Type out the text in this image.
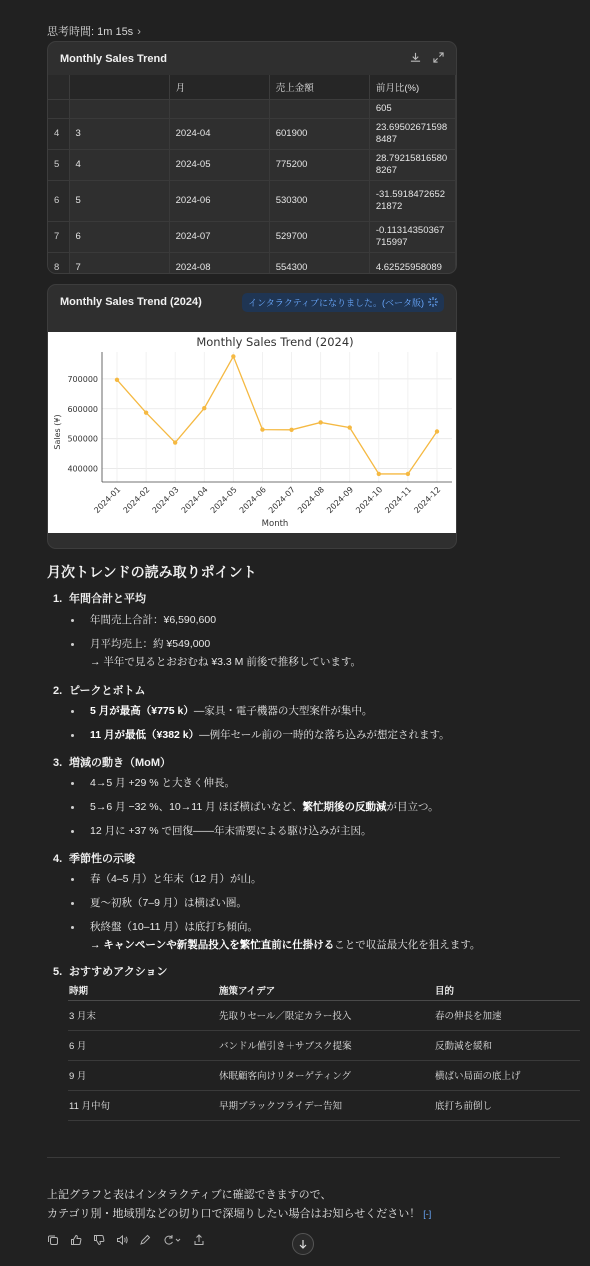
思考時間: 1m 15s ›
Monthly Sales Trend
		月	売上金額	前月比(%)
				605
4	3	2024-04	601900	23.695026715988487
5	4	2024-05	775200	28.792158165808267
6	5	2024-06	530300	-31.591847265221872
7	6	2024-07	529700	-0.11314350367715997
8	7	2024-08	554300	4.62525958089
Monthly Sales Trend (2024)	インタラクティブになりました。(ベータ版)
Monthly Sales Trend (2024)
Month
Sales (¥)
400000
500000
600000
700000
2024-01 2024-02 2024-03 2024-04 2024-05 2024-06 2024-07 2024-08 2024-09 2024-10 2024-11 2024-12
月次トレンドの読み取りポイント
1. 年間合計と平均
年間売上合計：¥6,590,600
月平均売上：約 ¥549,000
→ 半年で見るとおおむね ¥3.3 M 前後で推移しています。
2. ピークとボトム
5 月が最高（¥775 k）—家具・電子機器の大型案件が集中。
11 月が最低（¥382 k）—例年セール前の一時的な落ち込みが想定されます。
3. 増減の動き（MoM）
4→5 月 +29 % と大きく伸長。
5→6 月 −32 %、10→11 月 ほぼ横ばいなど、繁忙期後の反動減が目立つ。
12 月に +37 % で回復——年末需要による駆け込みが主因。
4. 季節性の示唆
春（4–5 月）と年末（12 月）が山。
夏〜初秋（7–9 月）は横ばい圏。
秋終盤（10–11 月）は底打ち傾向。
→ キャンペーンや新製品投入を繁忙直前に仕掛けることで収益最大化を狙えます。
5. おすすめアクション
時期	施策アイデア	目的
3 月末	先取りセール／限定カラー投入	春の伸長を加速
6 月	バンドル値引き＋サブスク提案	反動減を緩和
9 月	休眠顧客向けリターゲティング	横ばい局面の底上げ
11 月中旬	早期ブラックフライデー告知	底打ち前倒し
上記グラフと表はインタラクティブに確認できますので、
カテゴリ別・地域別などの切り口で深堀りしたい場合はお知らせください！ [-]
